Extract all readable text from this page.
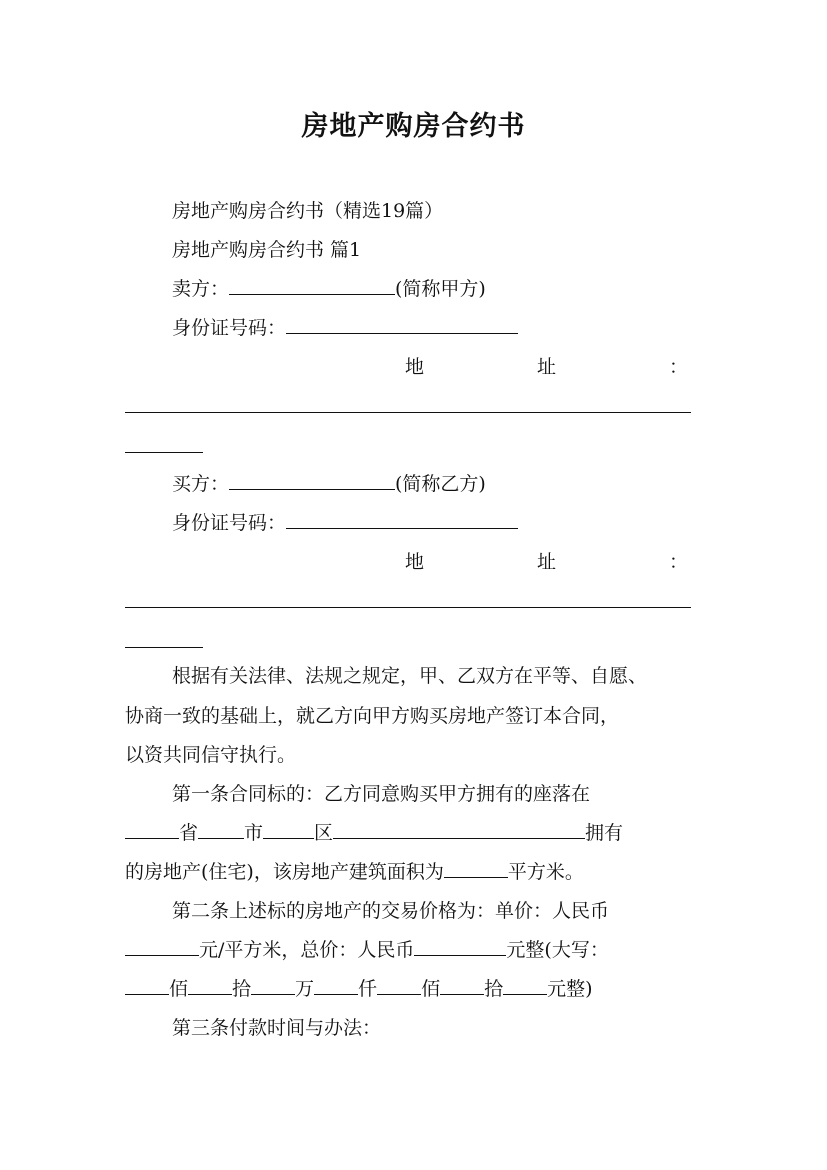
房地产购房合约书
房地产购房合约书（精选19篇）
房地产购房合约书 篇1
卖方：	(简称甲方)
身份证号码：
地	址	：
买方：	(简称乙方)
身份证号码：
地	址	：
根据有关法律、法规之规定，甲、乙双方在平等、自愿、
协商一致的基础上，就乙方向甲方购买房地产签订本合同，
以资共同信守执行。
第一条合同标的：乙方同意购买甲方拥有的座落在
省 市	区	拥有
的房地产(住宅)，该房地产建筑面积为	平方米。
第二条上述标的房地产的交易价格为：单价：人民币
元/平方米，总价：人民币	元整(大写：
佰 拾 万 仟 佰 拾 元整)
第三条付款时间与办法：
